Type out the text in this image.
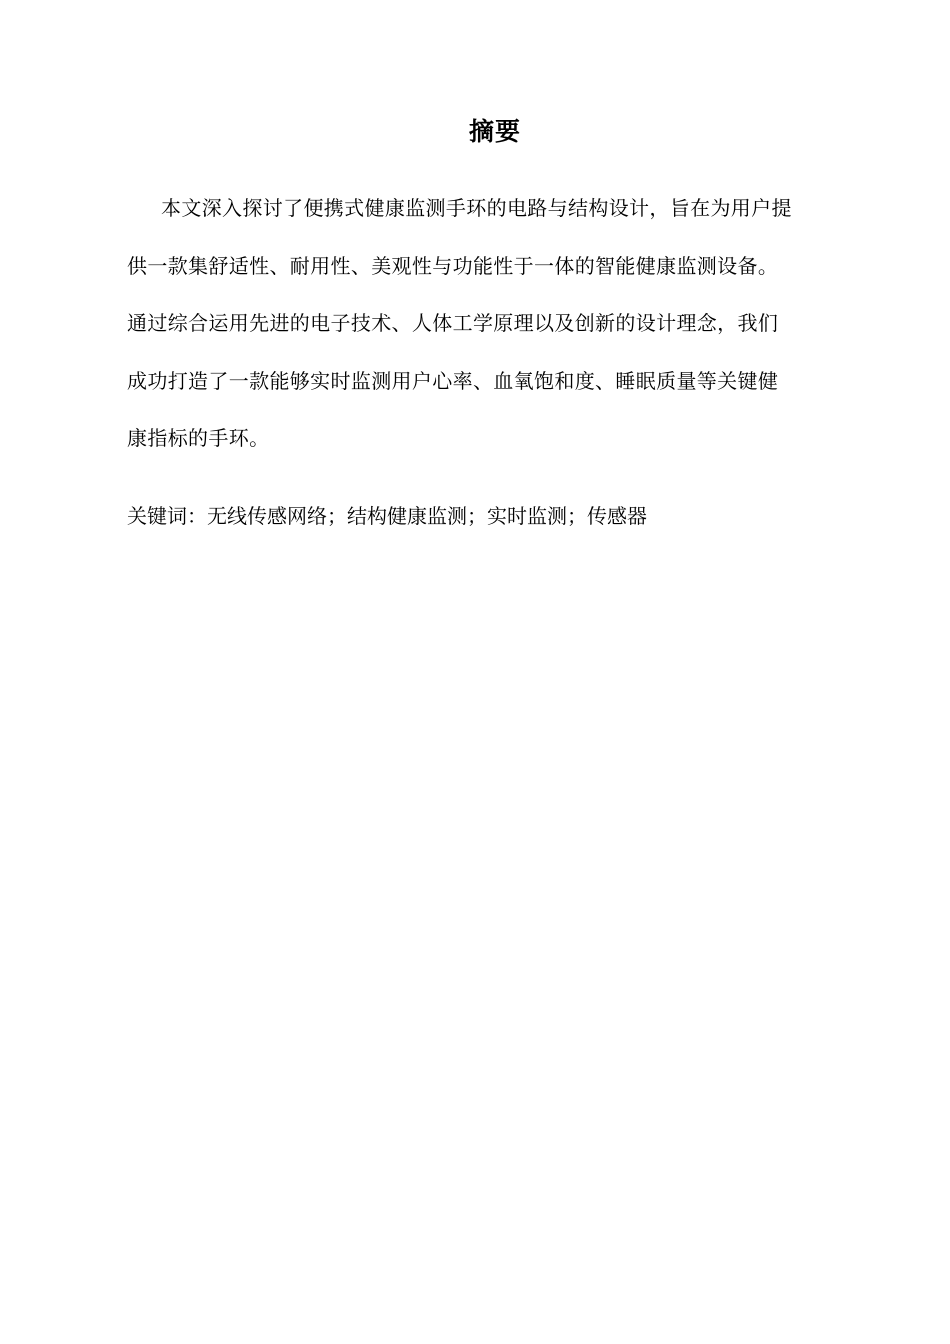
摘要

本文深入探讨了便携式健康监测手环的电路与结构设计，旨在为用户提
供一款集舒适性、耐用性、美观性与功能性于一体的智能健康监测设备。
通过综合运用先进的电子技术、人体工学原理以及创新的设计理念，我们
成功打造了一款能够实时监测用户心率、血氧饱和度、睡眠质量等关键健
康指标的手环。

关键词：无线传感网络；结构健康监测；实时监测；传感器
